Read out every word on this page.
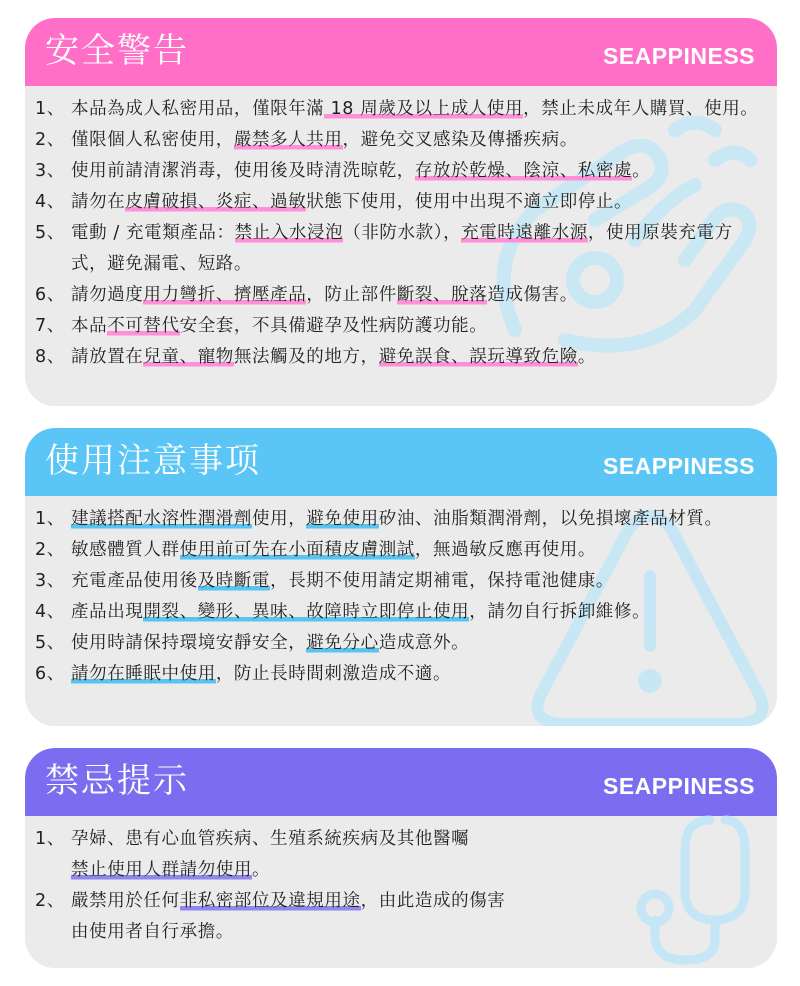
安全警告	SEAPPINESS
1、 本品為成人私密用品，僅限年滿 18 周歲及以上成人使用，禁止未成年人購買、使用。
2、 僅限個人私密使用，嚴禁多人共用，避免交叉感染及傳播疾病。
3、 使用前請清潔消毒，使用後及時清洗晾乾，存放於乾燥、陰涼、私密處。
4、 請勿在皮膚破損、炎症、過敏狀態下使用，使用中出現不適立即停止。
5、 電動 / 充電類產品：禁止入水浸泡（非防水款），充電時遠離水源，使用原裝充電方式，避免漏電、短路。
6、 請勿過度用力彎折、擠壓產品，防止部件斷裂、脫落造成傷害。
7、 本品不可替代安全套，不具備避孕及性病防護功能。
8、 請放置在兒童、寵物無法觸及的地方，避免誤食、誤玩導致危險。
使用注意事项	SEAPPINESS
1、 建議搭配水溶性潤滑劑使用，避免使用矽油、油脂類潤滑劑，以免損壞產品材質。
2、 敏感體質人群使用前可先在小面積皮膚測試，無過敏反應再使用。
3、 充電產品使用後及時斷電，長期不使用請定期補電，保持電池健康。
4、 產品出現開裂、變形、異味、故障時立即停止使用，請勿自行拆卸維修。
5、 使用時請保持環境安靜安全，避免分心造成意外。
6、 請勿在睡眠中使用，防止長時間刺激造成不適。
禁忌提示	SEAPPINESS
1、 孕婦、患有心血管疾病、生殖系統疾病及其他醫囑
禁止使用人群請勿使用。
2、 嚴禁用於任何非私密部位及違規用途，由此造成的傷害
由使用者自行承擔。
